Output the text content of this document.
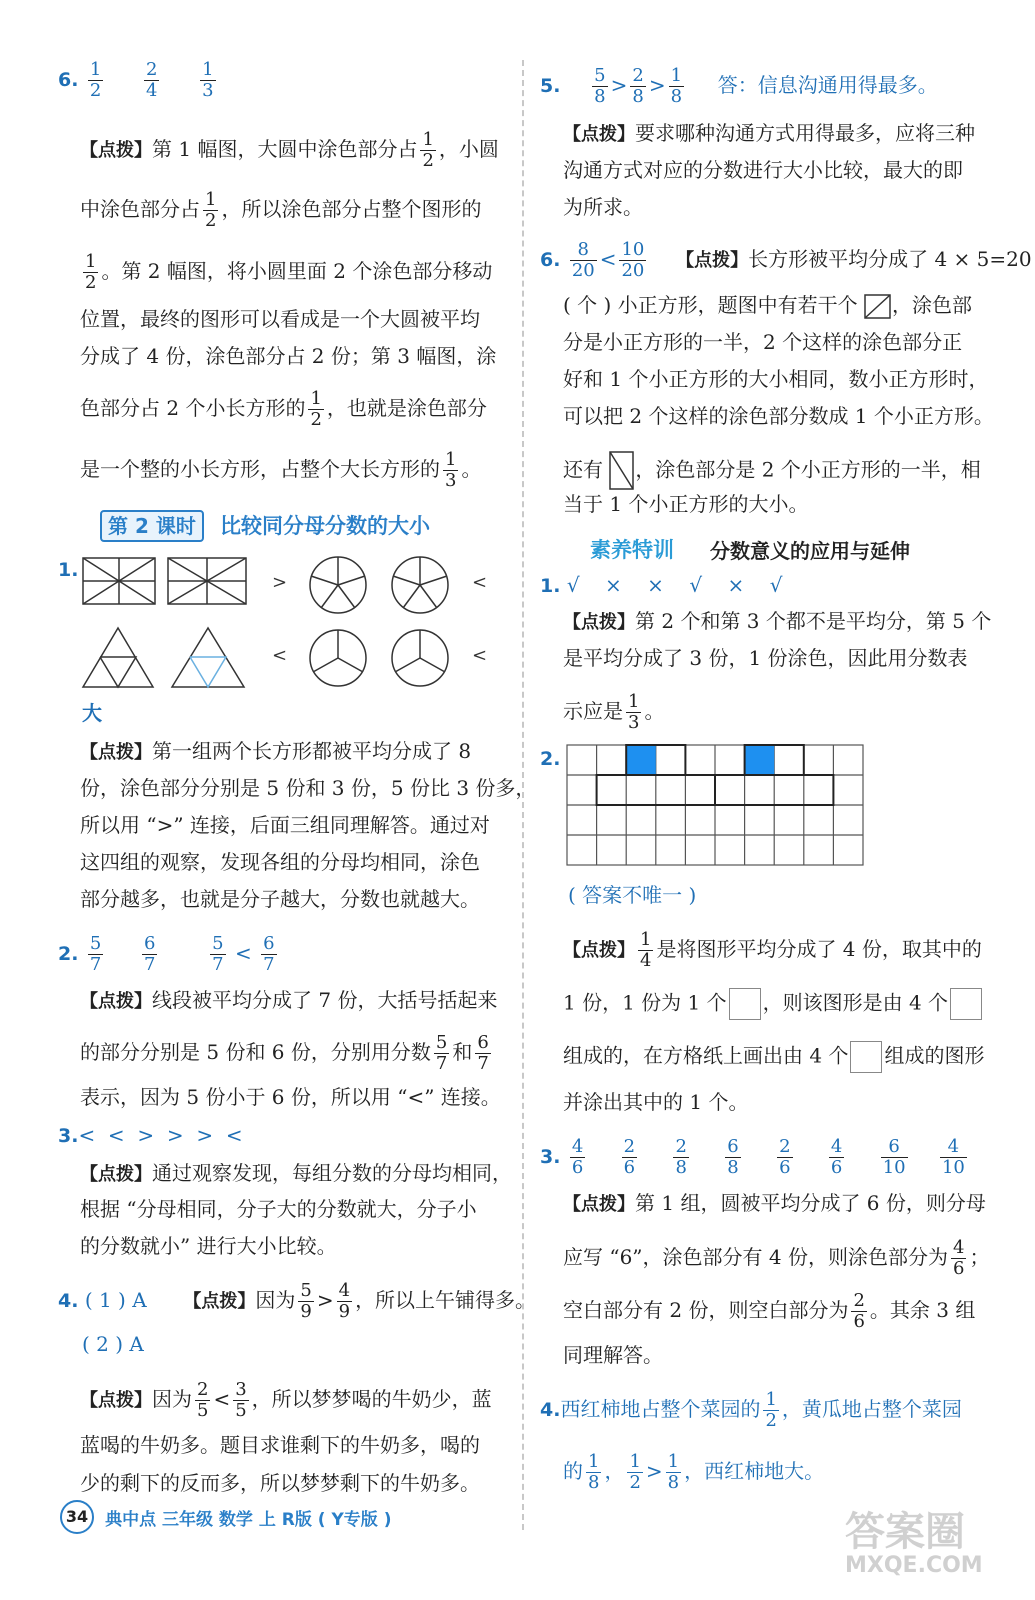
6. $\frac{1}{2}$
$\frac{2}{4}$
$\frac{1}{3}$
【点拨】第 1 幅图，大圆中涂色部分占 $\frac{1}{2}$ ，小圆
中涂色部分占 $\frac{1}{2}$ ，所以涂色部分占整个图形的
$\frac{1}{2}$ 。第 2 幅图，将小圆里面 2 个涂色部分移动
位置，最终的图形可以看成是一个大圆被平均
分成了 4 份，涂色部分占 2 份；第 3 幅图，涂
色部分占 2 个小长方形的 $\frac{1}{2}$ ，也就是涂色部分
是一个整的小长方形，占整个大长方形的 $\frac{1}{3}$ 。
第 2 课时	比较同分母分数的大小
1.
>	<
<	<
大
【点拨】第一组两个长方形都被平均分成了 8
份，涂色部分分别是 5 份和 3 份，5 份比 3 份多，
所以用 “>” 连接，后面三组同理解答。通过对
这四组的观察，发现各组的分母均相同，涂色
部分越多，也就是分子越大，分数也就越大。
2. $\frac{5}{7}$
$\frac{6}{7}$
	$\frac{5}{7} < \frac{6}{7}$
【点拨】线段被平均分成了 7 份，大括号括起来
的部分分别是 5 份和 6 份，分别用分数 $\frac{5}{7}$ 和 $\frac{6}{7}$
表示，因为 5 份小于 6 份，所以用 “<” 连接。
3.<  <  >  >  >  <
【点拨】通过观察发现，每组分数的分母均相同，
根据 “分母相同，分子大的分数就大，分子小
的分数就小” 进行大小比较。
4. ( 1 ) A 【点拨】因为 $\frac{5}{9} > \frac{4}{9}$ ，所以上午铺得多。
( 2 ) A
【点拨】因为 $\frac{2}{5} < \frac{3}{5}$ ，所以梦梦喝的牛奶少，蓝
蓝喝的牛奶多。题目求谁剩下的牛奶多，喝的
少的剩下的反而多，所以梦梦剩下的牛奶多。
5. $\frac{5}{8} > \frac{2}{8} > \frac{1}{8}$ 答：信息沟通用得最多。
【点拨】要求哪种沟通方式用得最多，应将三种
沟通方式对应的分数进行大小比较，最大的即
为所求。
6. $\frac{8}{20} < \frac{10}{20}$ 【点拨】长方形被平均分成了 4 × 5=20
( 个 ) 小正方形，题图中有若干个 ，涂色部
分是小正方形的一半，2 个这样的涂色部分正
好和 1 个小正方形的大小相同，数小正方形时，
可以把 2 个这样的涂色部分数成 1 个小正方形。
还有 ，涂色部分是 2 个小正方形的一半，相
当于 1 个小正方形的大小。
素养特训 分数意义的应用与延伸
1. √    ×    ×    √    ×    √
【点拨】第 2 个和第 3 个都不是平均分，第 5 个
是平均分成了 3 份，1 份涂色，因此用分数表
示应是 $\frac{1}{3}$ 。
2.
( 答案不唯一 )
【点拨】 $\frac{1}{4}$ 是将图形平均分成了 4 份，取其中的
1 份，1 份为 1 个 ，则该图形是由 4 个
组成的，在方格纸上画出由 4 个 组成的图形
并涂出其中的 1 个。
3. $\frac{4}{6}$
$\frac{2}{6}$
$\frac{2}{8}$
$\frac{6}{8}$
$\frac{2}{6}$
$\frac{4}{6}$
$\frac{6}{10}$
$\frac{4}{10}$
【点拨】第 1 组，圆被平均分成了 6 份，则分母
应写 “6”，涂色部分有 4 份，则涂色部分为 $\frac{4}{6}$ ；
空白部分有 2 份，则空白部分为 $\frac{2}{6}$ 。其余 3 组
同理解答。
4.西红柿地占整个菜园的 $\frac{1}{2}$ ，黄瓜地占整个菜园
的 $\frac{1}{8}$ ， $\frac{1}{2} > \frac{1}{8}$ ，西红柿地大。
34 典中点 三年级 数学 上 R版 ( Y专版 )	答案圈
MXQE.COM
